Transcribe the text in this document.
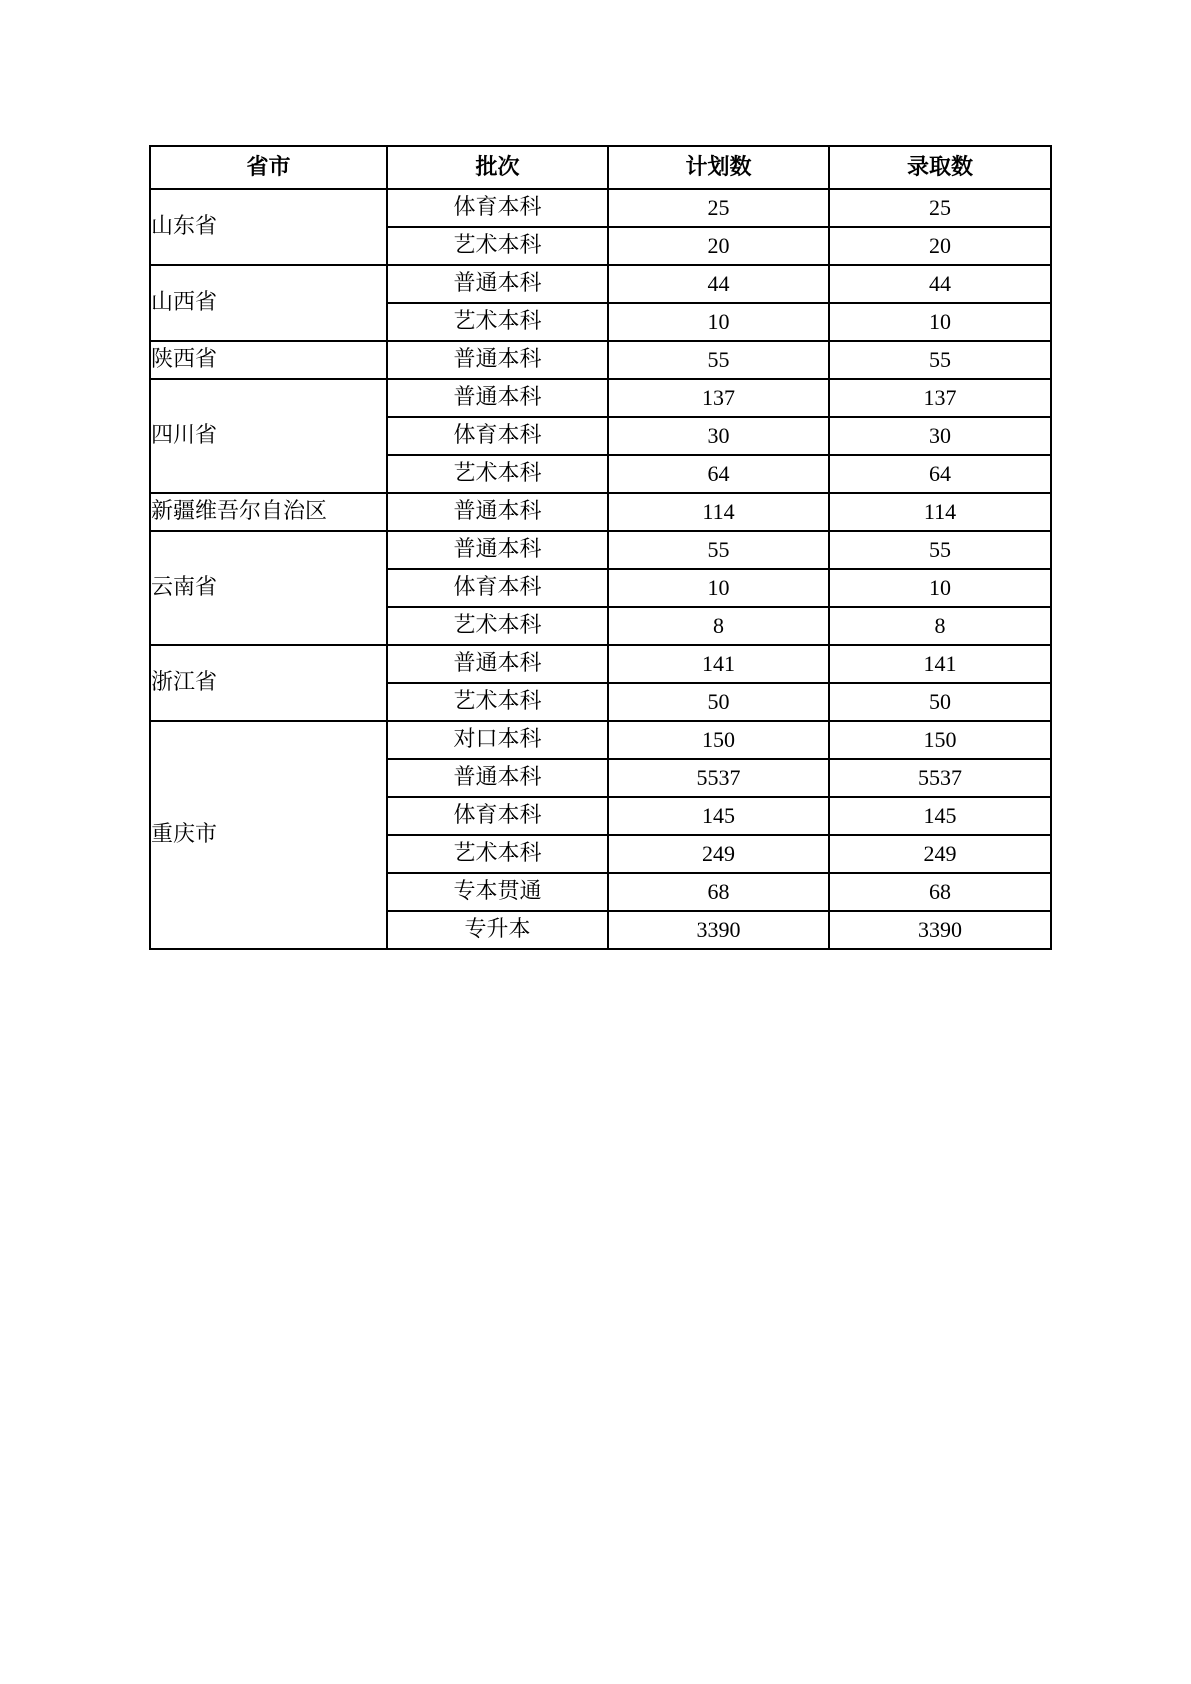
省市	批次	计划数	录取数
山东省	体育本科	25	25
	艺术本科	20	20
山西省	普通本科	44	44
	艺术本科	10	10
陕西省	普通本科	55	55
四川省	普通本科	137	137
	体育本科	30	30
	艺术本科	64	64
新疆维吾尔自治区	普通本科	114	114
云南省	普通本科	55	55
	体育本科	10	10
	艺术本科	8	8
浙江省	普通本科	141	141
	艺术本科	50	50
重庆市	对口本科	150	150
	普通本科	5537	5537
	体育本科	145	145
	艺术本科	249	249
	专本贯通	68	68
	专升本	3390	3390
